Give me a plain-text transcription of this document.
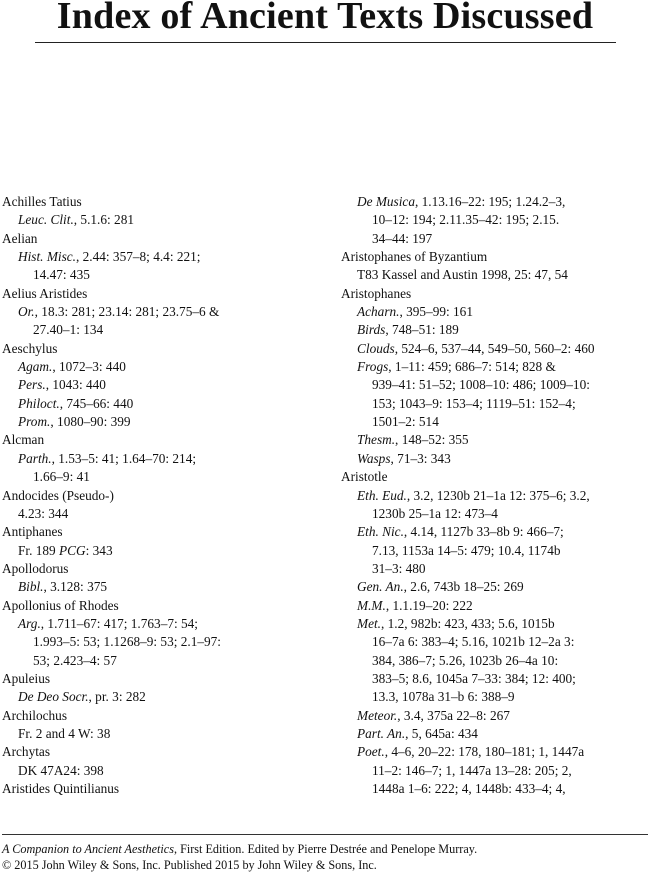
Index of Ancient Texts Discussed
Achilles Tatius
Leuc. Clit., 5.1.6: 281
Aelian
Hist. Misc., 2.44: 357–8; 4.4: 221;
14.47: 435
Aelius Aristides
Or., 18.3: 281; 23.14: 281; 23.75–6 &
27.40–1: 134
Aeschylus
Agam., 1072–3: 440
Pers., 1043: 440
Philoct., 745–66: 440
Prom., 1080–90: 399
Alcman
Parth., 1.53–5: 41; 1.64–70: 214;
1.66–9: 41
Andocides (Pseudo-)
4.23: 344
Antiphanes
Fr. 189 PCG: 343
Apollodorus
Bibl., 3.128: 375
Apollonius of Rhodes
Arg., 1.711–67: 417; 1.763–7: 54;
1.993–5: 53; 1.1268–9: 53; 2.1–97:
53; 2.423–4: 57
Apuleius
De Deo Socr., pr. 3: 282
Archilochus
Fr. 2 and 4 W: 38
Archytas
DK 47A24: 398
Aristides Quintilianus
De Musica, 1.13.16–22: 195; 1.24.2–3,
10–12: 194; 2.11.35–42: 195; 2.15.
34–44: 197
Aristophanes of Byzantium
T83 Kassel and Austin 1998, 25: 47, 54
Aristophanes
Acharn., 395–99: 161
Birds, 748–51: 189
Clouds, 524–6, 537–44, 549–50, 560–2: 460
Frogs, 1–11: 459; 686–7: 514; 828 &
939–41: 51–52; 1008–10: 486; 1009–10:
153; 1043–9: 153–4; 1119–51: 152–4;
1501–2: 514
Thesm., 148–52: 355
Wasps, 71–3: 343
Aristotle
Eth. Eud., 3.2, 1230b 21–1a 12: 375–6; 3.2,
1230b 25–1a 12: 473–4
Eth. Nic., 4.14, 1127b 33–8b 9: 466–7;
7.13, 1153a 14–5: 479; 10.4, 1174b
31–3: 480
Gen. An., 2.6, 743b 18–25: 269
M.M., 1.1.19–20: 222
Met., 1.2, 982b: 423, 433; 5.6, 1015b
16–7a 6: 383–4; 5.16, 1021b 12–2a 3:
384, 386–7; 5.26, 1023b 26–4a 10:
383–5; 8.6, 1045a 7–33: 384; 12: 400;
13.3, 1078a 31–b 6: 388–9
Meteor., 3.4, 375a 22–8: 267
Part. An., 5, 645a: 434
Poet., 4–6, 20–22: 178, 180–181; 1, 1447a
11–2: 146–7; 1, 1447a 13–28: 205; 2,
1448a 1–6: 222; 4, 1448b: 433–4; 4,
A Companion to Ancient Aesthetics, First Edition. Edited by Pierre Destrée and Penelope Murray.
© 2015 John Wiley & Sons, Inc. Published 2015 by John Wiley & Sons, Inc.
